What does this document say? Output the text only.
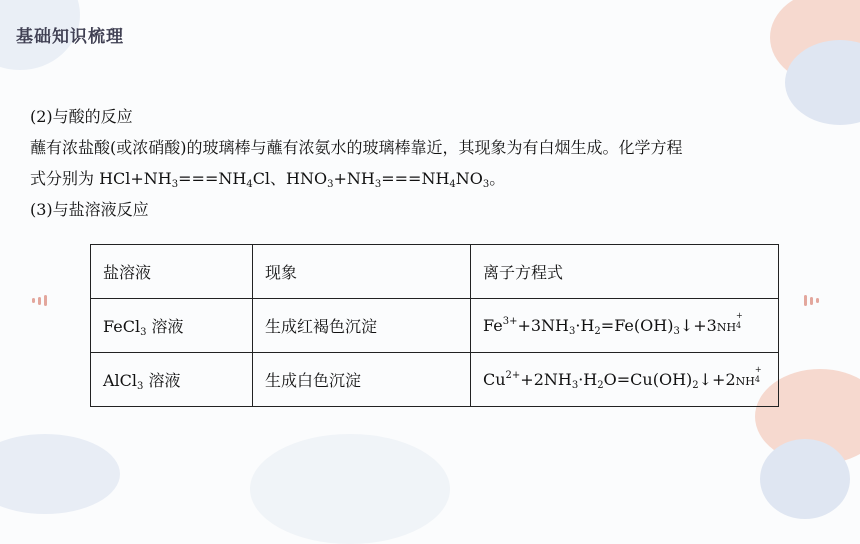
基础知识梳理
(2)与酸的反应
蘸有浓盐酸(或浓硝酸)的玻璃棒与蘸有浓氨水的玻璃棒靠近，其现象为有白烟生成。化学方程
式分别为 $HCl+NH_3===NH_4Cl$、$HNO_3+NH_3===NH_4NO_3$。
(3)与盐溶液反应
盐溶液	现象	离子方程式
FeCl$_3$ 溶液	生成红褐色沉淀	$Fe^{3+}+3NH_3\cdot H_2=Fe(OH)_3↓+3NH$
+
4

AlCl$_3$ 溶液	生成白色沉淀	$Cu^{2+}+2NH_3\cdot H_2O=Cu(OH)_2↓+2NH$
+
4
